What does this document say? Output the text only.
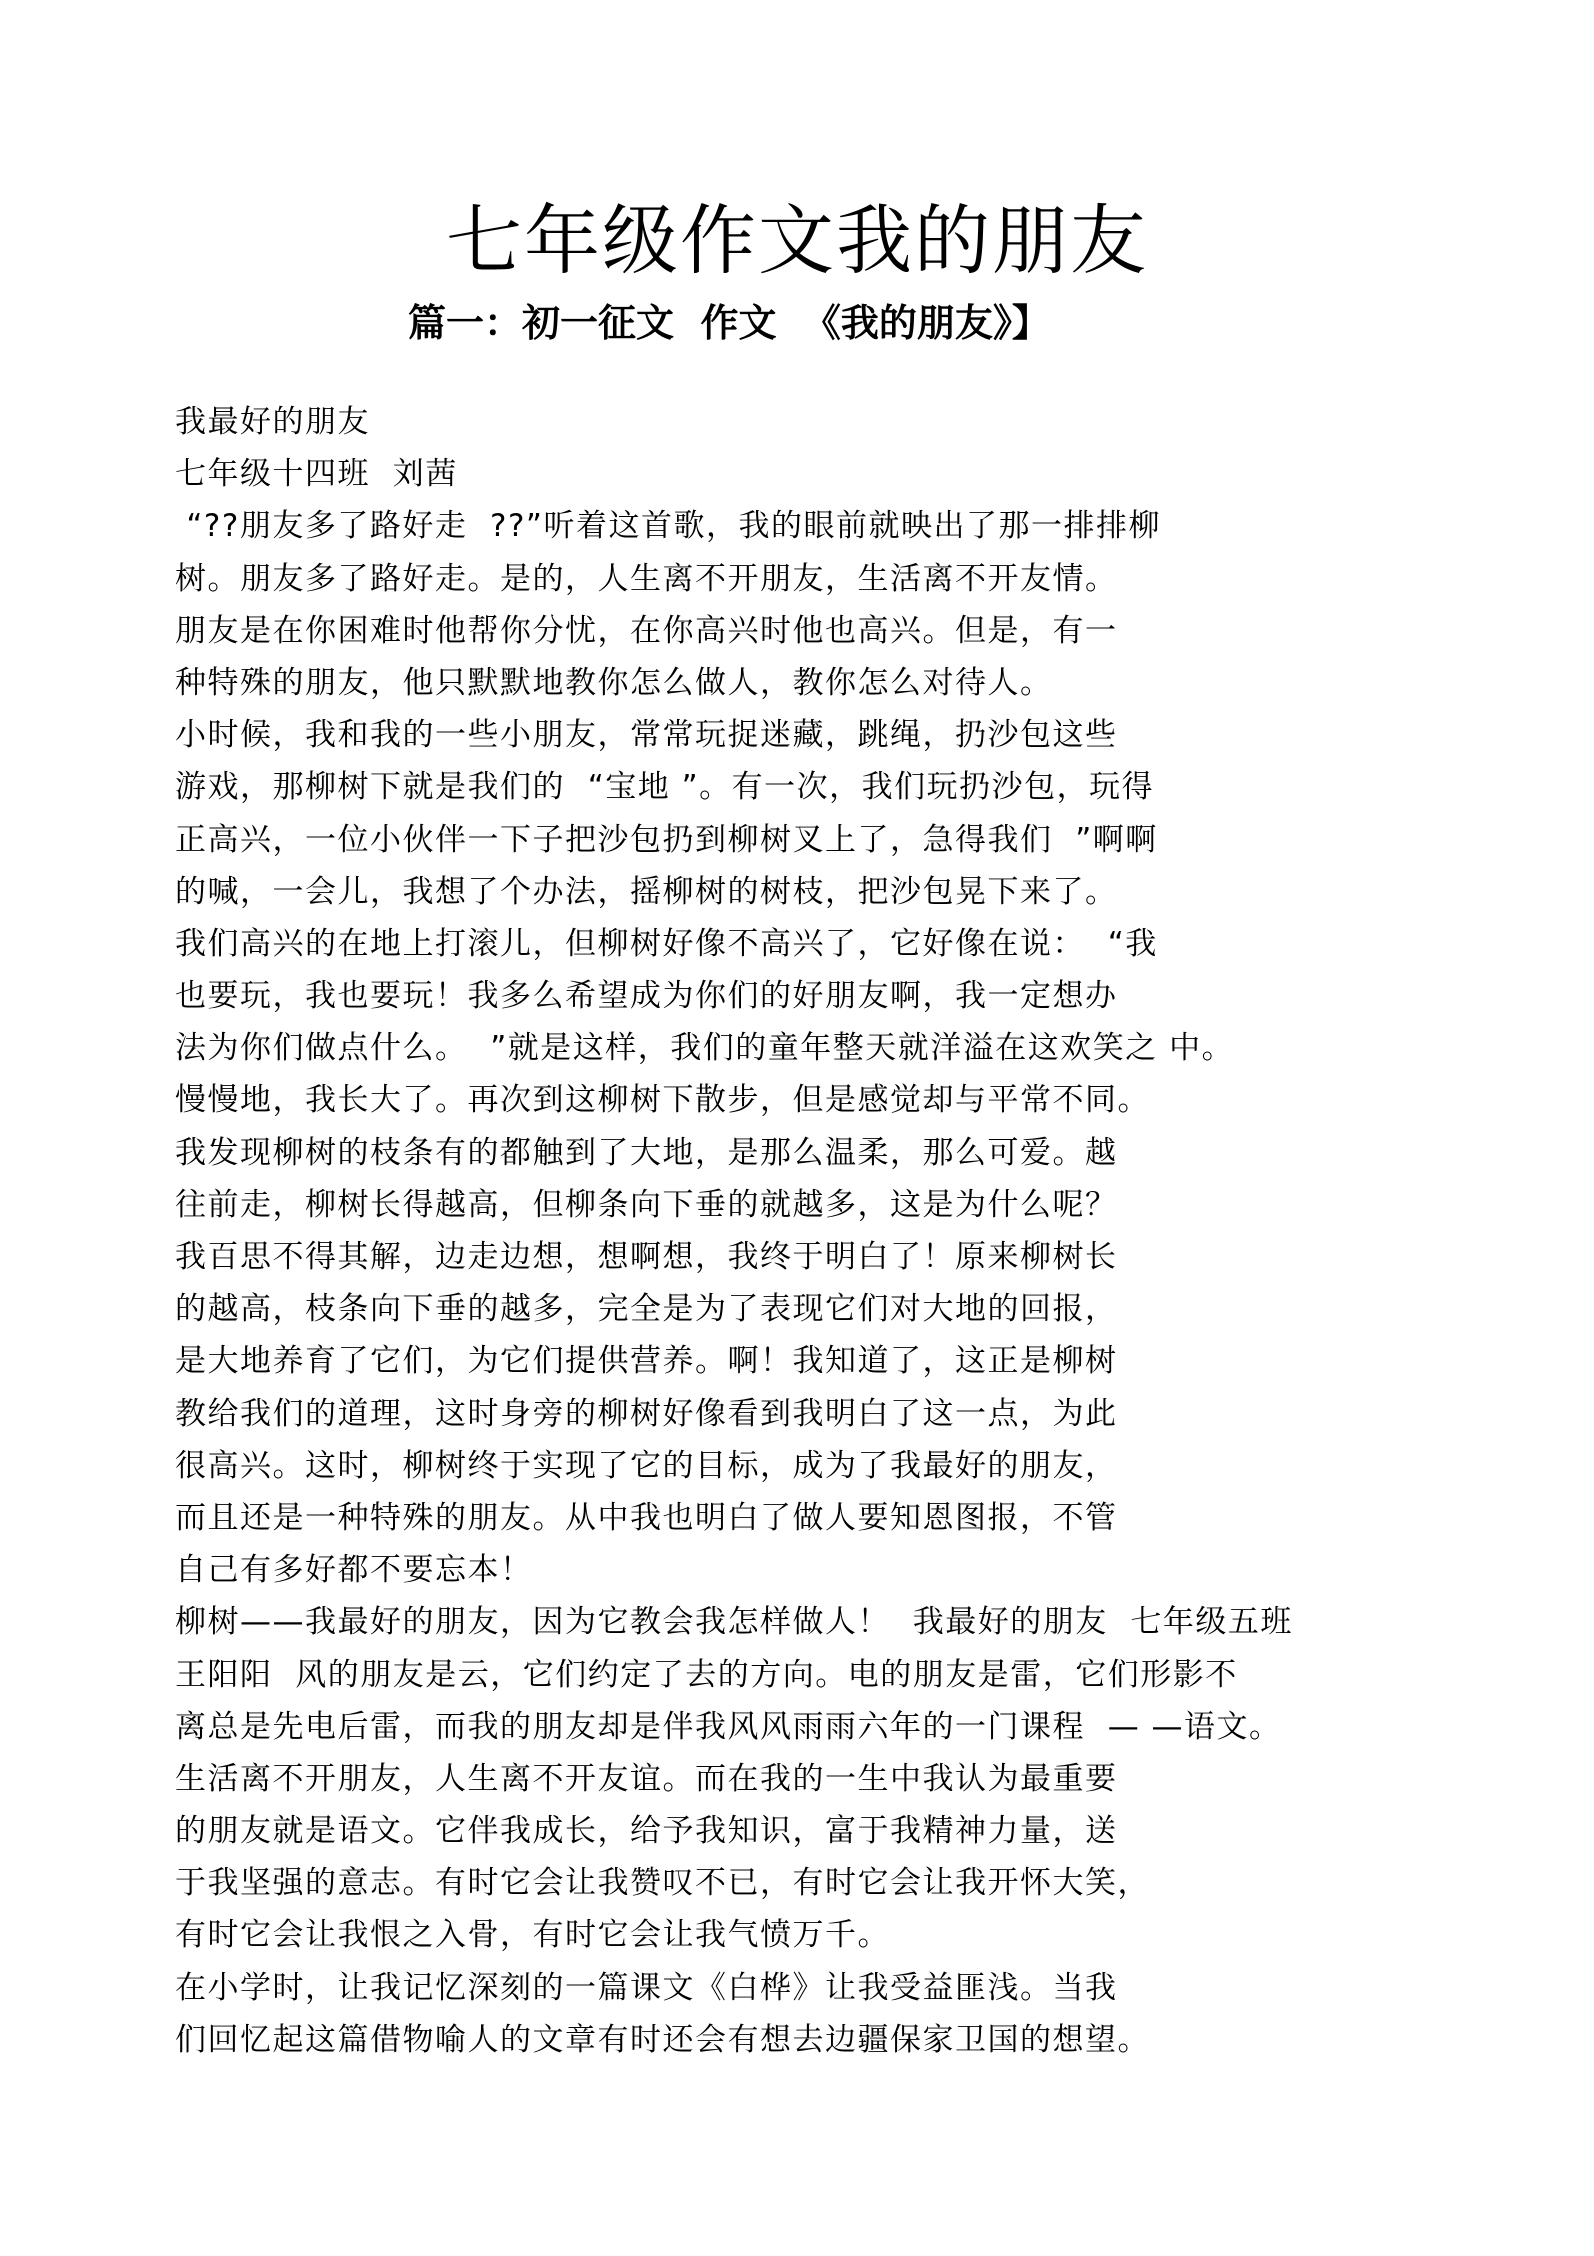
七年级作文我的朋友
篇一：初一征文  作文  《我的朋友》】
我最好的朋友
七年级十四班  刘茜
“??朋友多了路好走  ??”听着这首歌，我的眼前就映出了那一排排柳
树。朋友多了路好走。是的，人生离不开朋友，生活离不开友情。
朋友是在你困难时他帮你分忧，在你高兴时他也高兴。但是，有一
种特殊的朋友，他只默默地教你怎么做人，教你怎么对待人。
小时候，我和我的一些小朋友，常常玩捉迷藏，跳绳，扔沙包这些
游戏，那柳树下就是我们的  “宝地 ”。有一次，我们玩扔沙包，玩得
正高兴，一位小伙伴一下子把沙包扔到柳树叉上了，急得我们  ”啊啊
的喊，一会儿，我想了个办法，摇柳树的树枝，把沙包晃下来了。
我们高兴的在地上打滚儿，但柳树好像不高兴了，它好像在说：  “我
也要玩，我也要玩！我多么希望成为你们的好朋友啊，我一定想办
法为你们做点什么。  ”就是这样，我们的童年整天就洋溢在这欢笑之 中。
慢慢地，我长大了。再次到这柳树下散步，但是感觉却与平常不同。
我发现柳树的枝条有的都触到了大地，是那么温柔，那么可爱。越
往前走，柳树长得越高，但柳条向下垂的就越多，这是为什么呢？
我百思不得其解，边走边想，想啊想，我终于明白了！原来柳树长
的越高，枝条向下垂的越多，完全是为了表现它们对大地的回报，
是大地养育了它们，为它们提供营养。啊！我知道了，这正是柳树
教给我们的道理，这时身旁的柳树好像看到我明白了这一点，为此
很高兴。这时，柳树终于实现了它的目标，成为了我最好的朋友，
而且还是一种特殊的朋友。从中我也明白了做人要知恩图报，不管
自己有多好都不要忘本！
柳树——我最好的朋友，因为它教会我怎样做人！  我最好的朋友  七年级五班
王阳阳  风的朋友是云，它们约定了去的方向。电的朋友是雷，它们形影不
离总是先电后雷，而我的朋友却是伴我风风雨雨六年的一门课程  — —语文。
生活离不开朋友，人生离不开友谊。而在我的一生中我认为最重要
的朋友就是语文。它伴我成长，给予我知识，富于我精神力量，送
于我坚强的意志。有时它会让我赞叹不已，有时它会让我开怀大笑，
有时它会让我恨之入骨，有时它会让我气愤万千。
在小学时，让我记忆深刻的一篇课文《白桦》让我受益匪浅。当我
们回忆起这篇借物喻人的文章有时还会有想去边疆保家卫国的想望。
